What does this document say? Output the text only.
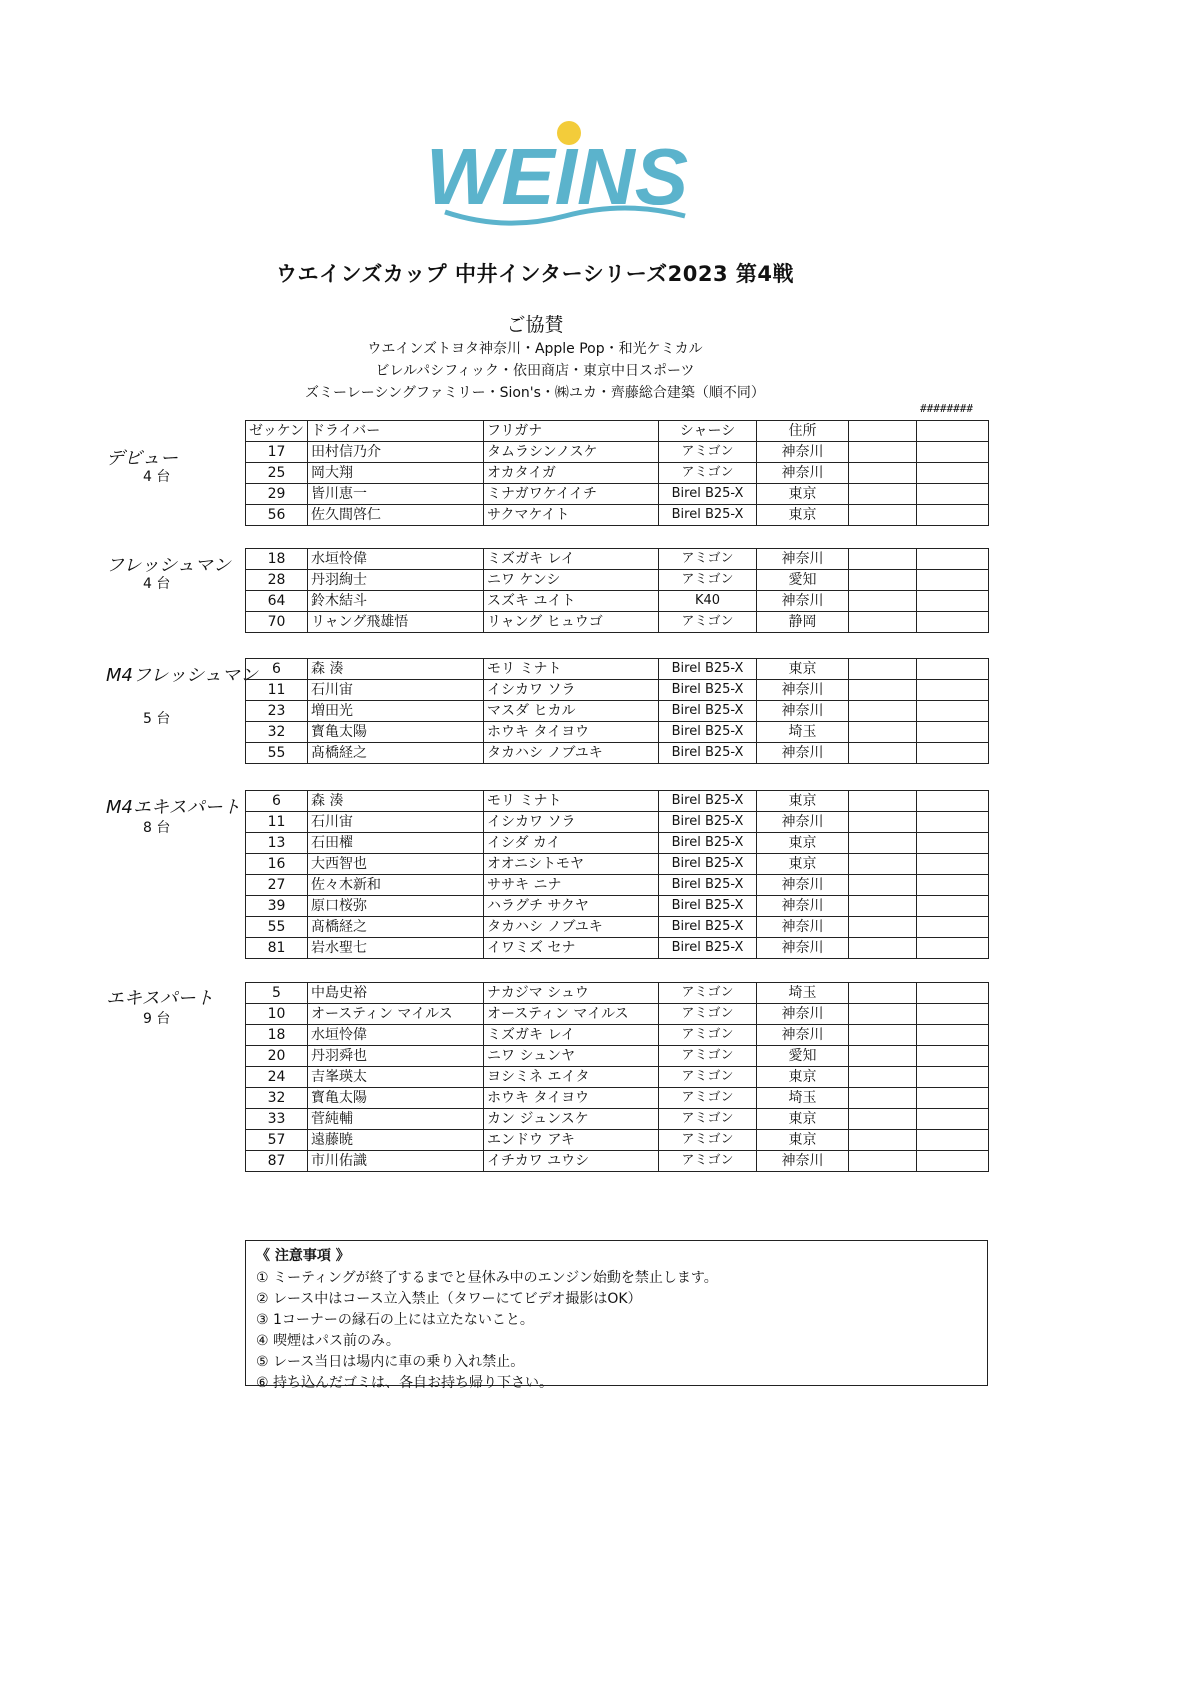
WEINS
ウエインズカップ 中井インターシリーズ2023 第4戦
ご協賛
ウエインズトヨタ神奈川・Apple Pop・和光ケミカル
ビレルパシフィック・依田商店・東京中日スポーツ
ズミーレーシングファミリー・Sion's・㈱ユカ・齊藤総合建築（順不同）
########
デビュー
4 台
フレッシュマン
4 台
M4フレッシュマン
5 台
M4エキスパート
8 台
エキスパート
9 台
ゼッケン	ドライバー	フリガナ	シャーシ	住所		
17	田村信乃介	タムラシンノスケ	アミゴン	神奈川		
25	岡大翔	オカタイガ	アミゴン	神奈川		
29	皆川恵一	ミナガワケイイチ	Birel B25-X	東京		
56	佐久間啓仁	サクマケイト	Birel B25-X	東京		
18	水垣怜偉	ミズガキ レイ	アミゴン	神奈川		
28	丹羽絢士	ニワ ケンシ	アミゴン	愛知		
64	鈴木結斗	スズキ ユイト	K40	神奈川		
70	リャング飛雄悟	リャング ヒュウゴ	アミゴン	静岡		
6	森 湊	モリ ミナト	Birel B25-X	東京		
11	石川宙	イシカワ ソラ	Birel B25-X	神奈川		
23	増田光	マスダ ヒカル	Birel B25-X	神奈川		
32	寳亀太陽	ホウキ タイヨウ	Birel B25-X	埼玉		
55	髙橋経之	タカハシ ノブユキ	Birel B25-X	神奈川		
6	森 湊	モリ ミナト	Birel B25-X	東京		
11	石川宙	イシカワ ソラ	Birel B25-X	神奈川		
13	石田櫂	イシダ カイ	Birel B25-X	東京		
16	大西智也	オオニシトモヤ	Birel B25-X	東京		
27	佐々木新和	ササキ ニナ	Birel B25-X	神奈川		
39	原口桜弥	ハラグチ サクヤ	Birel B25-X	神奈川		
55	髙橋経之	タカハシ ノブユキ	Birel B25-X	神奈川		
81	岩水聖七	イワミズ セナ	Birel B25-X	神奈川		
5	中島史裕	ナカジマ シュウ	アミゴン	埼玉		
10	オースティン マイルス	オースティン マイルス	アミゴン	神奈川		
18	水垣怜偉	ミズガキ レイ	アミゴン	神奈川		
20	丹羽舜也	ニワ シュンヤ	アミゴン	愛知		
24	吉峯瑛太	ヨシミネ エイタ	アミゴン	東京		
32	寳亀太陽	ホウキ タイヨウ	アミゴン	埼玉		
33	菅純輔	カン ジュンスケ	アミゴン	東京		
57	遠藤暁	エンドウ アキ	アミゴン	東京		
87	市川佑識	イチカワ ユウシ	アミゴン	神奈川		
《 注意事項 》
① ミーティングが終了するまでと昼休み中のエンジン始動を禁止します。
② レース中はコース立入禁止（タワーにてビデオ撮影はOK）
③ 1コーナーの縁石の上には立たないこと。
④ 喫煙はパス前のみ。
⑤ レース当日は場内に車の乗り入れ禁止。
⑥ 持ち込んだゴミは、各自お持ち帰り下さい。
